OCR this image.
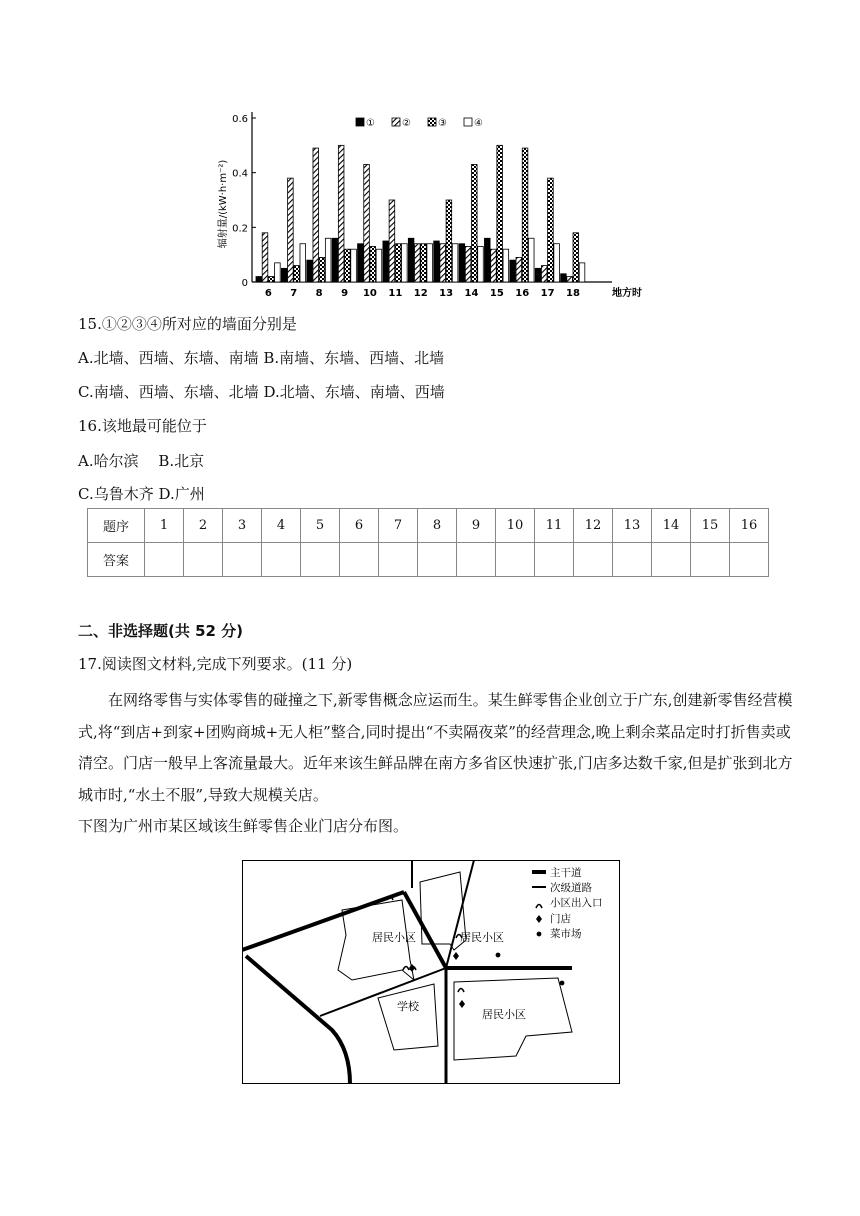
0
0.2
0.4
0.6
辐射量/(kW·h·m⁻²)
6 7 8 9 10 11 12 13 14 15 16 17 18	地方时
①	②	③	④
15.①②③④所对应的墙面分别是
A.北墙、西墙、东墙、南墙 B.南墙、东墙、西墙、北墙
C.南墙、西墙、东墙、北墙 D.北墙、东墙、南墙、西墙
16.该地最可能位于
A.哈尔滨　 B.北京
C.乌鲁木齐 D.广州
题序	1	2	3	4	5	6	7	8	9	10	11	12	13	14	15	16
答案																
二、非选择题(共 52 分)
17.阅读图文材料,完成下列要求。(11 分)

在网络零售与实体零售的碰撞之下,新零售概念应运而生。某生鲜零售企业创立于广东,创建新零售经营模式,将“到店+到家+团购商城+无人柜”整合,同时提出“不卖隔夜菜”的经营理念,晚上剩余菜品定时打折售卖或清空。门店一般早上客流量最大。近年来该生鲜品牌在南方多省区快速扩张,门店多达数千家,但是扩张到北方城市时,“水土不服”,导致大规模关店。

下图为广州市某区域该生鲜零售企业门店分布图。
居民小区	居民小区
学校
居民小区
主干道
次级道路
小区出入口
门店
菜市场
